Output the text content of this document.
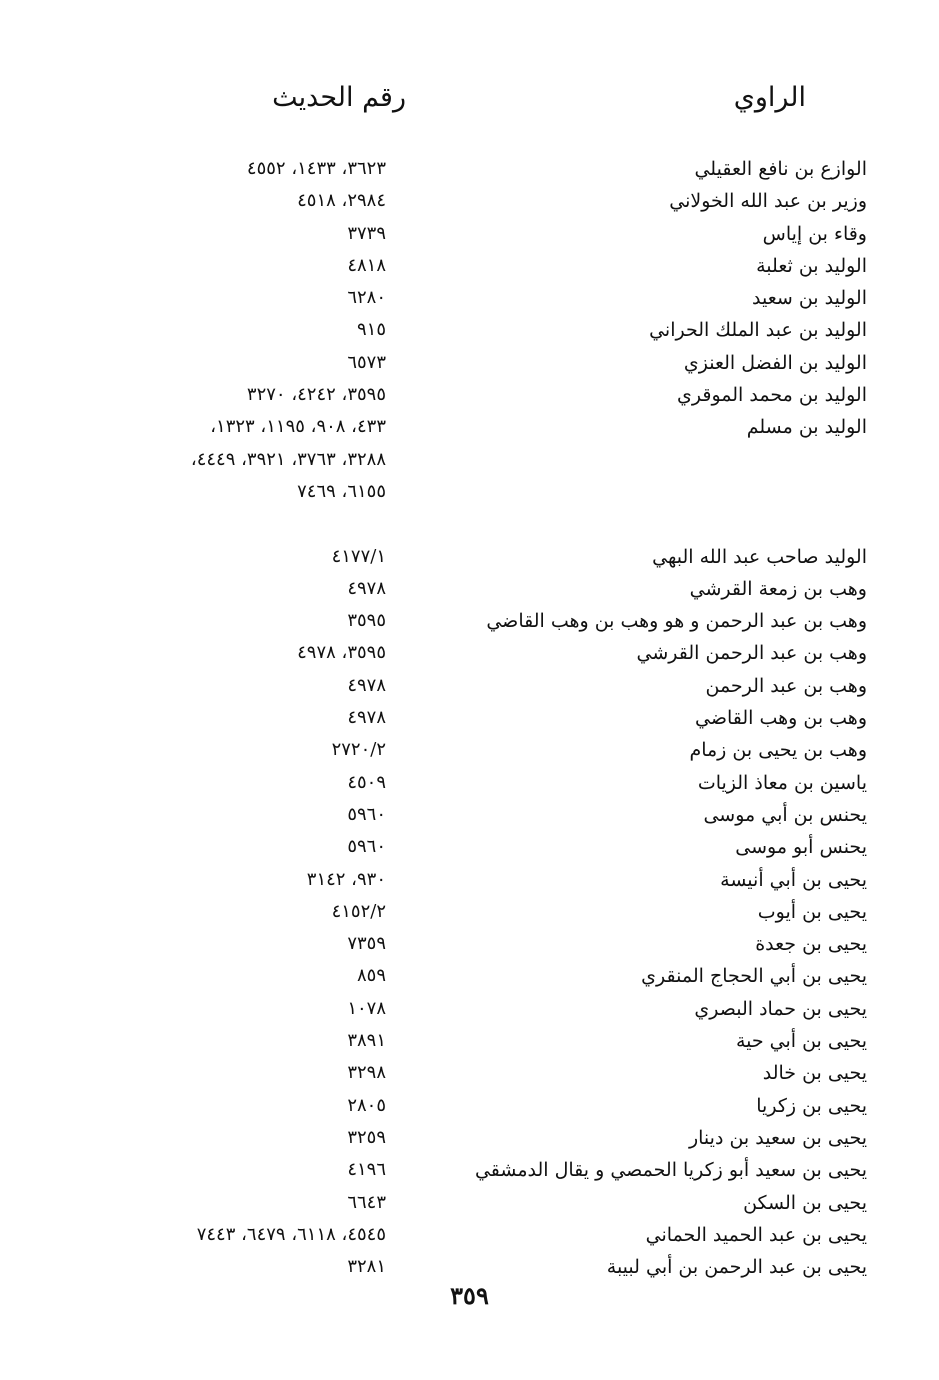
الراوي
رقم الحديث
الوازع بن نافع العقيلي
٣٦٢٣، ١٤٣٣، ٤٥٥٢
وزير بن عبد الله الخولاني
٢٩٨٤، ٤٥١٨
وقاء بن إياس
٣٧٣٩
الوليد بن ثعلبة
٤٨١٨
الوليد بن سعيد
٦٢٨٠
الوليد بن عبد الملك الحراني
٩١٥
الوليد بن الفضل العنزي
٦٥٧٣
الوليد بن محمد الموقري
٣٥٩٥، ٤٢٤٢، ٣٢٧٠
الوليد بن مسلم
٤٣٣، ٩٠٨، ١١٩٥، ١٣٢٣،
٣٢٨٨، ٣٧٦٣، ٣٩٢١، ٤٤٤٩،
٦١٥٥، ٧٤٦٩
الوليد صاحب عبد الله البهي
٤١٧٧/١
وهب بن زمعة القرشي
٤٩٧٨
وهب بن عبد الرحمن و هو وهب بن وهب القاضي
٣٥٩٥
وهب بن عبد الرحمن القرشي
٣٥٩٥، ٤٩٧٨
وهب بن عبد الرحمن
٤٩٧٨
وهب بن وهب القاضي
٤٩٧٨
وهب بن يحيى بن زمام
٢٧٢٠/٢
ياسين بن معاذ الزيات
٤٥٠٩
يحنس بن أبي موسى
٥٩٦٠
يحنس أبو موسى
٥٩٦٠
يحيى بن أبي أنيسة
٩٣٠، ٣١٤٢
يحيى بن أيوب
٤١٥٢/٢
يحيى بن جعدة
٧٣٥٩
يحيى بن أبي الحجاج المنقري
٨٥٩
يحيى بن حماد البصري
١٠٧٨
يحيى بن أبي حية
٣٨٩١
يحيى بن خالد
٣٢٩٨
يحيى بن زكريا
٢٨٠٥
يحيى بن سعيد بن دينار
٣٢٥٩
يحيى بن سعيد أبو زكريا الحمصي و يقال الدمشقي
٤١٩٦
يحيى بن السكن
٦٦٤٣
يحيى بن عبد الحميد الحماني
٤٥٤٥، ٦١١٨، ٦٤٧٩، ٧٤٤٣
يحيى بن عبد الرحمن بن أبي لبيبة
٣٢٨١
٣٥٩
